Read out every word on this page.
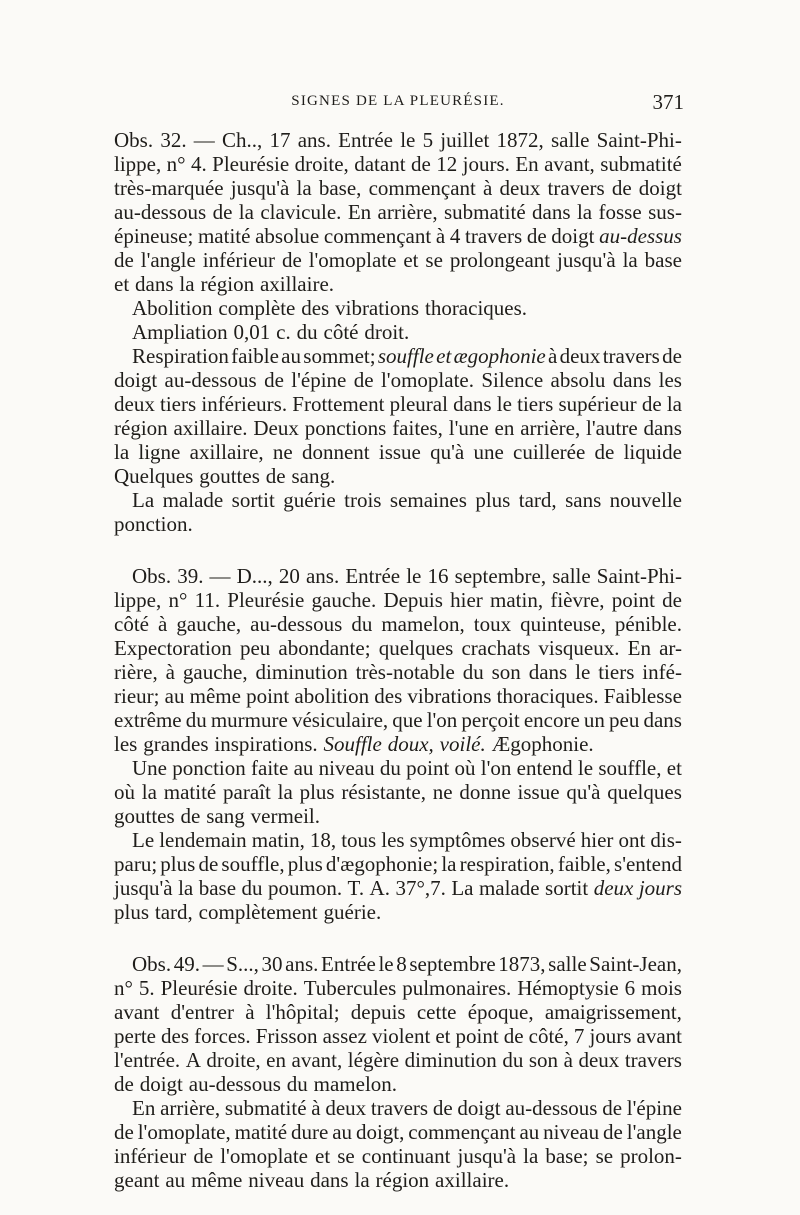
SIGNES DE LA PLEURÉSIE.	371
Obs. 32. — Ch.., 17 ans. Entrée le 5 juillet 1872, salle Saint-Phi-
lippe, n° 4. Pleurésie droite, datant de 12 jours. En avant, submatité
très-marquée jusqu'à la base, commençant à deux travers de doigt
au-dessous de la clavicule. En arrière, submatité dans la fosse sus-
épineuse; matité absolue commençant à 4 travers de doigt au-dessus
de l'angle inférieur de l'omoplate et se prolongeant jusqu'à la base
et dans la région axillaire.
Abolition complète des vibrations thoraciques.
Ampliation 0,01 c. du côté droit.
Respiration faible au sommet; souffle et ægophonie à deux travers de
doigt au-dessous de l'épine de l'omoplate. Silence absolu dans les
deux tiers inférieurs. Frottement pleural dans le tiers supérieur de la
région axillaire. Deux ponctions faites, l'une en arrière, l'autre dans
la ligne axillaire, ne donnent issue qu'à une cuillerée de liquide
Quelques gouttes de sang.
La malade sortit guérie trois semaines plus tard, sans nouvelle
ponction.
Obs. 39. — D..., 20 ans. Entrée le 16 septembre, salle Saint-Phi-
lippe, n° 11. Pleurésie gauche. Depuis hier matin, fièvre, point de
côté à gauche, au-dessous du mamelon, toux quinteuse, pénible.
Expectoration peu abondante; quelques crachats visqueux. En ar-
rière, à gauche, diminution très-notable du son dans le tiers infé-
rieur; au même point abolition des vibrations thoraciques. Faiblesse
extrême du murmure vésiculaire, que l'on perçoit encore un peu dans
les grandes inspirations. Souffle doux, voilé. Ægophonie.
Une ponction faite au niveau du point où l'on entend le souffle, et
où la matité paraît la plus résistante, ne donne issue qu'à quelques
gouttes de sang vermeil.
Le lendemain matin, 18, tous les symptômes observé hier ont dis-
paru; plus de souffle, plus d'ægophonie; la respiration, faible, s'entend
jusqu'à la base du poumon. T. A. 37°,7. La malade sortit deux jours
plus tard, complètement guérie.
Obs. 49. — S..., 30 ans. Entrée le 8 septembre 1873, salle Saint-Jean,
n° 5. Pleurésie droite. Tubercules pulmonaires. Hémoptysie 6 mois
avant d'entrer à l'hôpital; depuis cette époque, amaigrissement,
perte des forces. Frisson assez violent et point de côté, 7 jours avant
l'entrée. A droite, en avant, légère diminution du son à deux travers
de doigt au-dessous du mamelon.
En arrière, submatité à deux travers de doigt au-dessous de l'épine
de l'omoplate, matité dure au doigt, commençant au niveau de l'angle
inférieur de l'omoplate et se continuant jusqu'à la base; se prolon-
geant au même niveau dans la région axillaire.
